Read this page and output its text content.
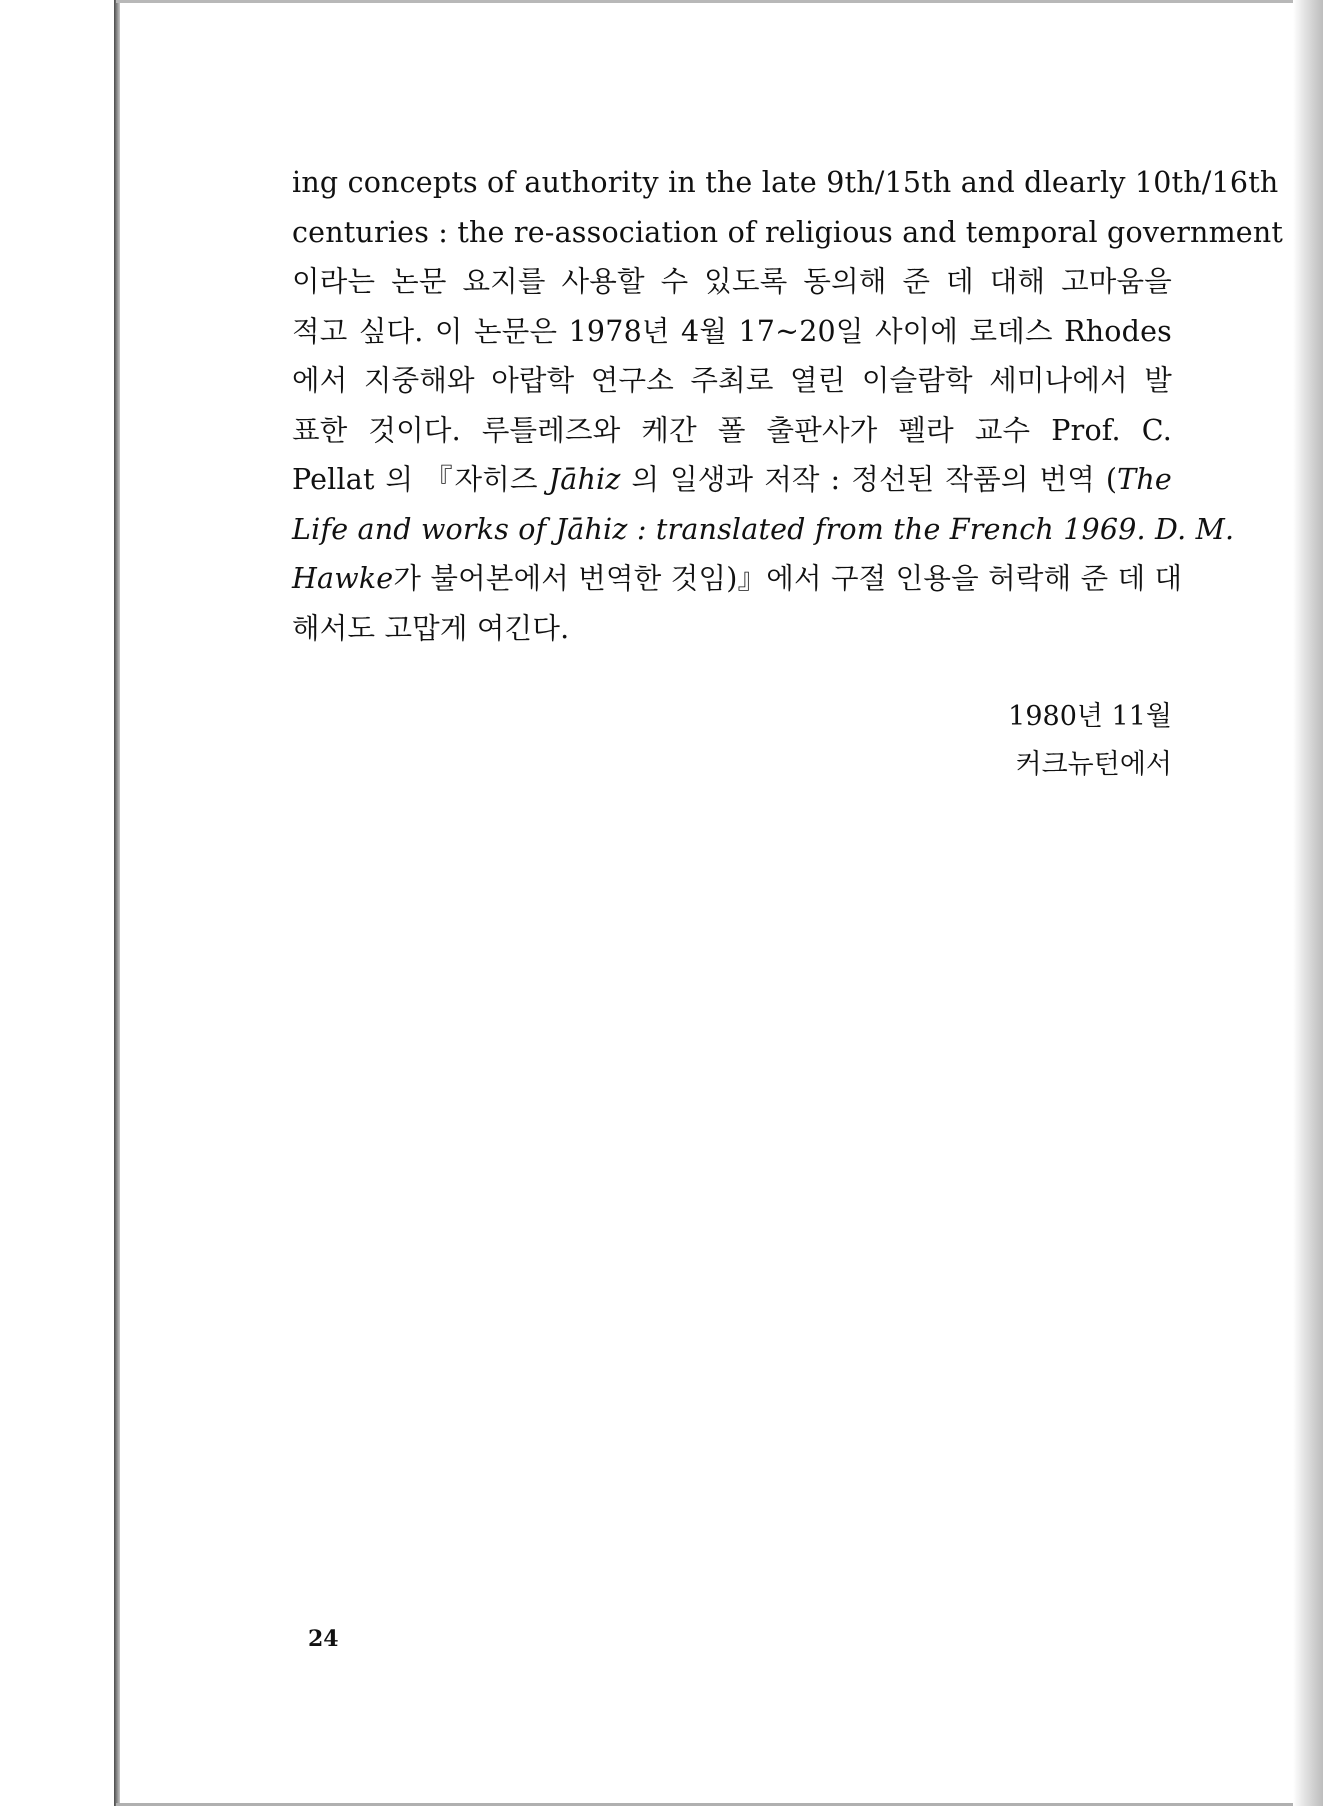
ing concepts of authority in the late 9th/15th and dlearly 10th/16th
centuries : the re-association of religious and temporal government
이라는 논문 요지를 사용할 수 있도록 동의해 준 데 대해 고마움을
적고 싶다. 이 논문은 1978년 4월 17~20일 사이에 로데스 Rhodes
에서 지중해와 아랍학 연구소 주최로 열린 이슬람학 세미나에서 발
표한 것이다. 루틀레즈와 케간 폴 출판사가 펠라 교수 Prof. C.
Pellat 의 『자히즈 Jāhiz 의 일생과 저작 : 정선된 작품의 번역 (The
Life and works of Jāhiz : translated from the French 1969. D. M.
Hawke가 불어본에서 번역한 것임)』에서 구절 인용을 허락해 준 데 대
해서도 고맙게 여긴다.
1980년 11월
커크뉴턴에서
24
